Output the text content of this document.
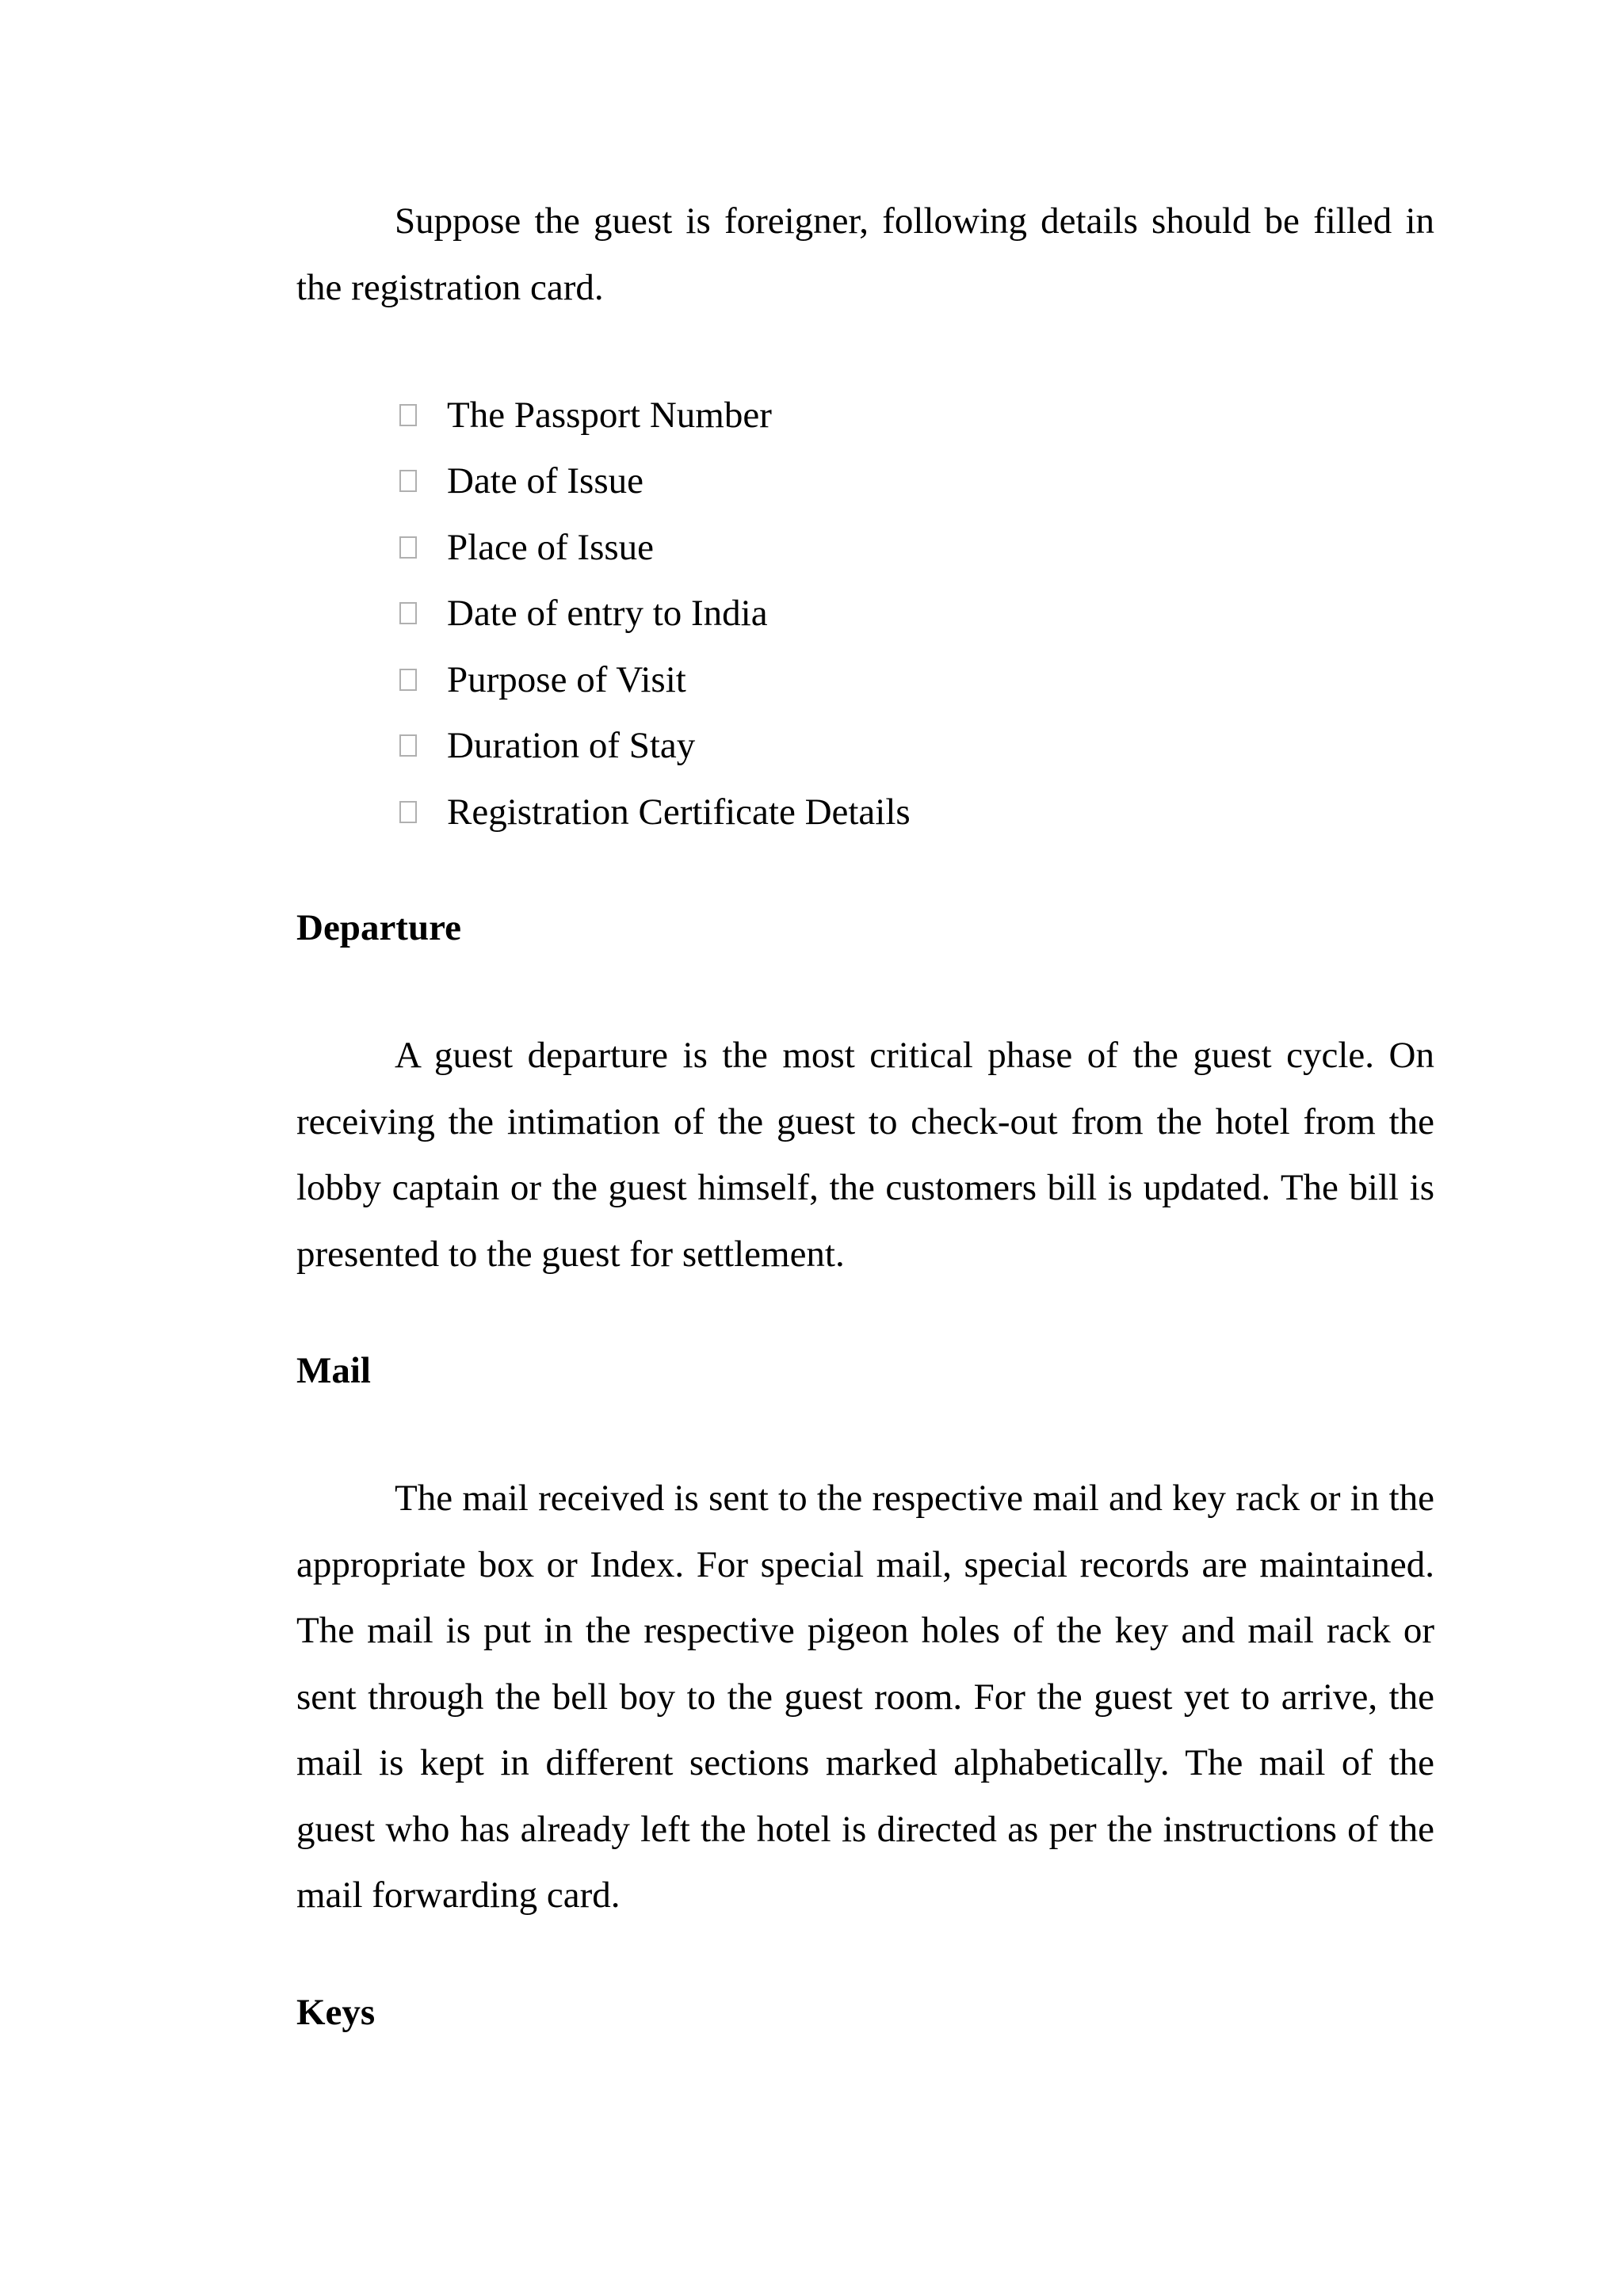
Suppose the guest is foreigner, following details should be filled in the registration card.

The Passport Number
Date of Issue
Place of Issue
Date of entry to India
Purpose of Visit
Duration of Stay
Registration Certificate Details
Departure

A guest departure is the most critical phase of the guest cycle. On receiving the intimation of the guest to check-out from the hotel from the lobby captain or the guest himself, the customers bill is updated. The bill is presented to the guest for settlement.

Mail

The mail received is sent to the respective mail and key rack or in the appropriate box or Index. For special mail, special records are maintained. The mail is put in the respective pigeon holes of the key and mail rack or sent through the bell boy to the guest room. For the guest yet to arrive, the mail is kept in different sections marked alphabetically. The mail of the guest who has already left the hotel is directed as per the instructions of the mail forwarding card.

Keys
